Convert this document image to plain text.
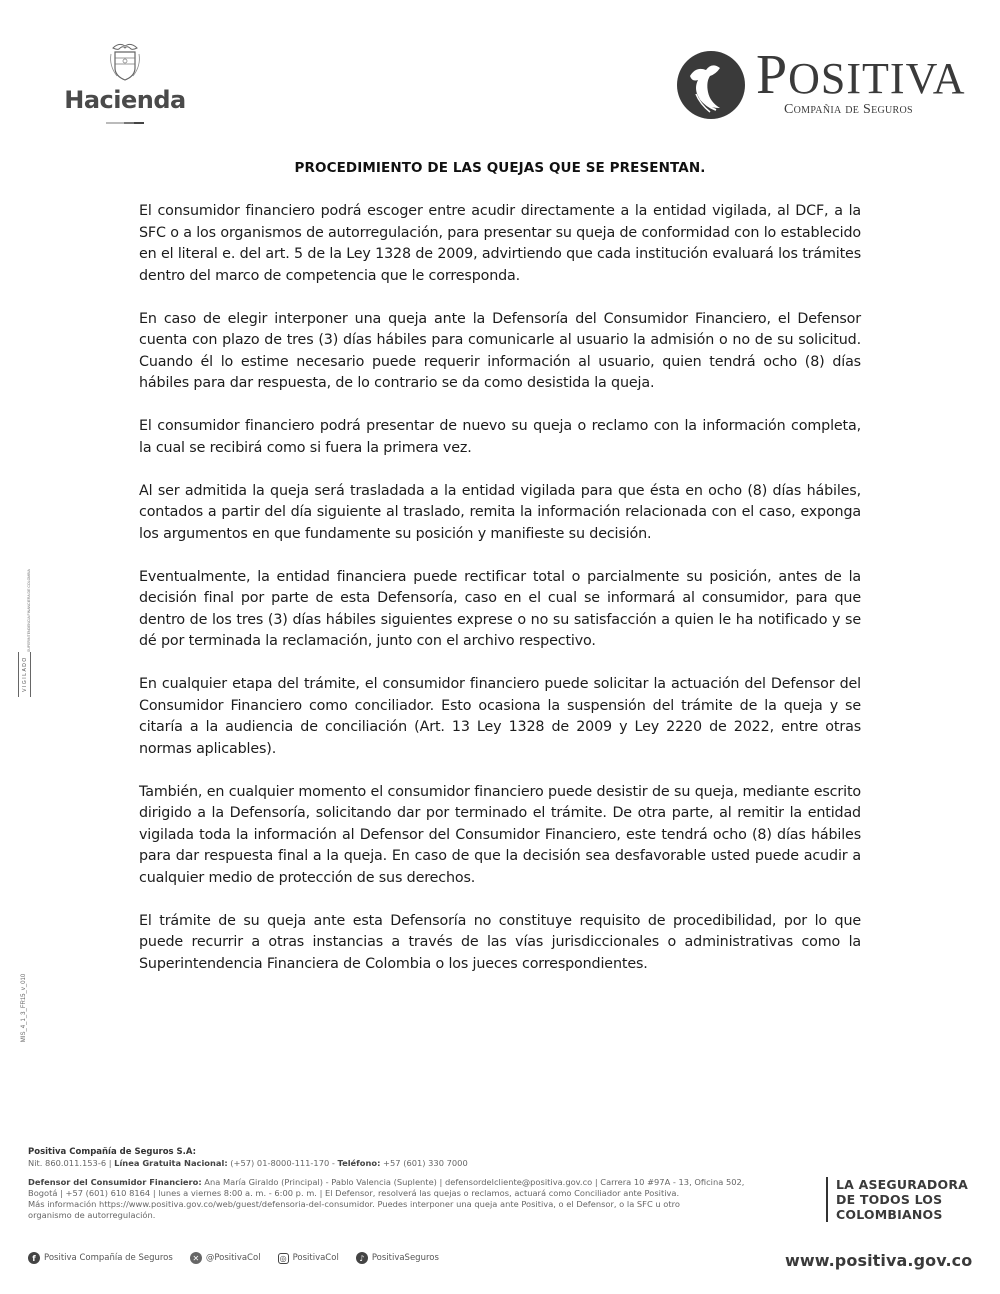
Hacienda	POSITIVA
Compañia de Seguros
PROCEDIMIENTO DE LAS QUEJAS QUE SE PRESENTAN.

El consumidor financiero podrá escoger entre acudir directamente a la entidad vigilada, al DCF, a la SFC o a los organismos de autorregulación, para presentar su queja de conformidad con lo establecido en el literal e. del art. 5 de la Ley 1328 de 2009, advirtiendo que cada institución evaluará los trámites dentro del marco de competencia que le corresponda.

En caso de elegir interponer una queja ante la Defensoría del Consumidor Financiero, el Defensor cuenta con plazo de tres (3) días hábiles para comunicarle al usuario la admisión o no de su solicitud. Cuando él lo estime necesario puede requerir información al usuario, quien tendrá ocho (8) días hábiles para dar respuesta, de lo contrario se da como desistida la queja.

El consumidor financiero podrá presentar de nuevo su queja o reclamo con la información completa, la cual se recibirá como si fuera la primera vez.

Al ser admitida la queja será trasladada a la entidad vigilada para que ésta en ocho (8) días hábiles, contados a partir del día siguiente al traslado, remita la información relacionada con el caso, exponga los argumentos en que fundamente su posición y manifieste su decisión.

Eventualmente, la entidad financiera puede rectificar total o parcialmente su posición, antes de la decisión final por parte de esta Defensoría, caso en el cual se informará al consumidor, para que dentro de los tres (3) días hábiles siguientes exprese o no su satisfacción a quien le ha notificado y se dé por terminada la reclamación, junto con el archivo respectivo.

En cualquier etapa del trámite, el consumidor financiero puede solicitar la actuación del Defensor del Consumidor Financiero como conciliador. Esto ocasiona la suspensión del trámite de la queja y se citaría a la audiencia de conciliación (Art. 13 Ley 1328 de 2009 y Ley 2220 de 2022, entre otras normas aplicables).

También, en cualquier momento el consumidor financiero puede desistir de su queja, mediante escrito dirigido a la Defensoría, solicitando dar por terminado el trámite. De otra parte, al remitir la entidad vigilada toda la información al Defensor del Consumidor Financiero, este tendrá ocho (8) días hábiles para dar respuesta final a la queja. En caso de que la decisión sea desfavorable usted puede acudir a cualquier medio de protección de sus derechos.

El trámite de su queja ante esta Defensoría no constituye requisito de procedibilidad, por lo que puede recurrir a otras instancias a través de las vías jurisdiccionales o administrativas como la Superintendencia Financiera de Colombia o los jueces correspondientes.

VIGILADO
SUPERINTENDENCIA FINANCIERA DE COLOMBIA
MIS_4_1_3_FR15_v_010
Positiva Compañía de Seguros S.A:
Nit. 860.011.153-6 | Línea Gratuita Nacional: (+57) 01-8000-111-170 - Teléfono: +57 (601) 330 7000
Defensor del Consumidor Financiero: Ana María Giraldo (Principal) - Pablo Valencia (Suplente) | defensordelcliente@positiva.gov.co | Carrera 10 #97A - 13, Oficina 502,
Bogotá | +57 (601) 610 8164 | lunes a viernes 8:00 a. m. - 6:00 p. m. | El Defensor, resolverá las quejas o reclamos, actuará como Conciliador ante Positiva.
Más información https://www.positiva.gov.co/web/guest/defensoria-del-consumidor. Puedes interponer una queja ante Positiva, o el Defensor, o la SFC u otro
organismo de autorregulación.
LA ASEGURADORA
DE TODOS LOS
COLOMBIANOS
f Positiva Compañía de Seguros	✕ @PositivaCol ◎ PositivaCol	♪ PositivaSeguros	www.positiva.gov.co
